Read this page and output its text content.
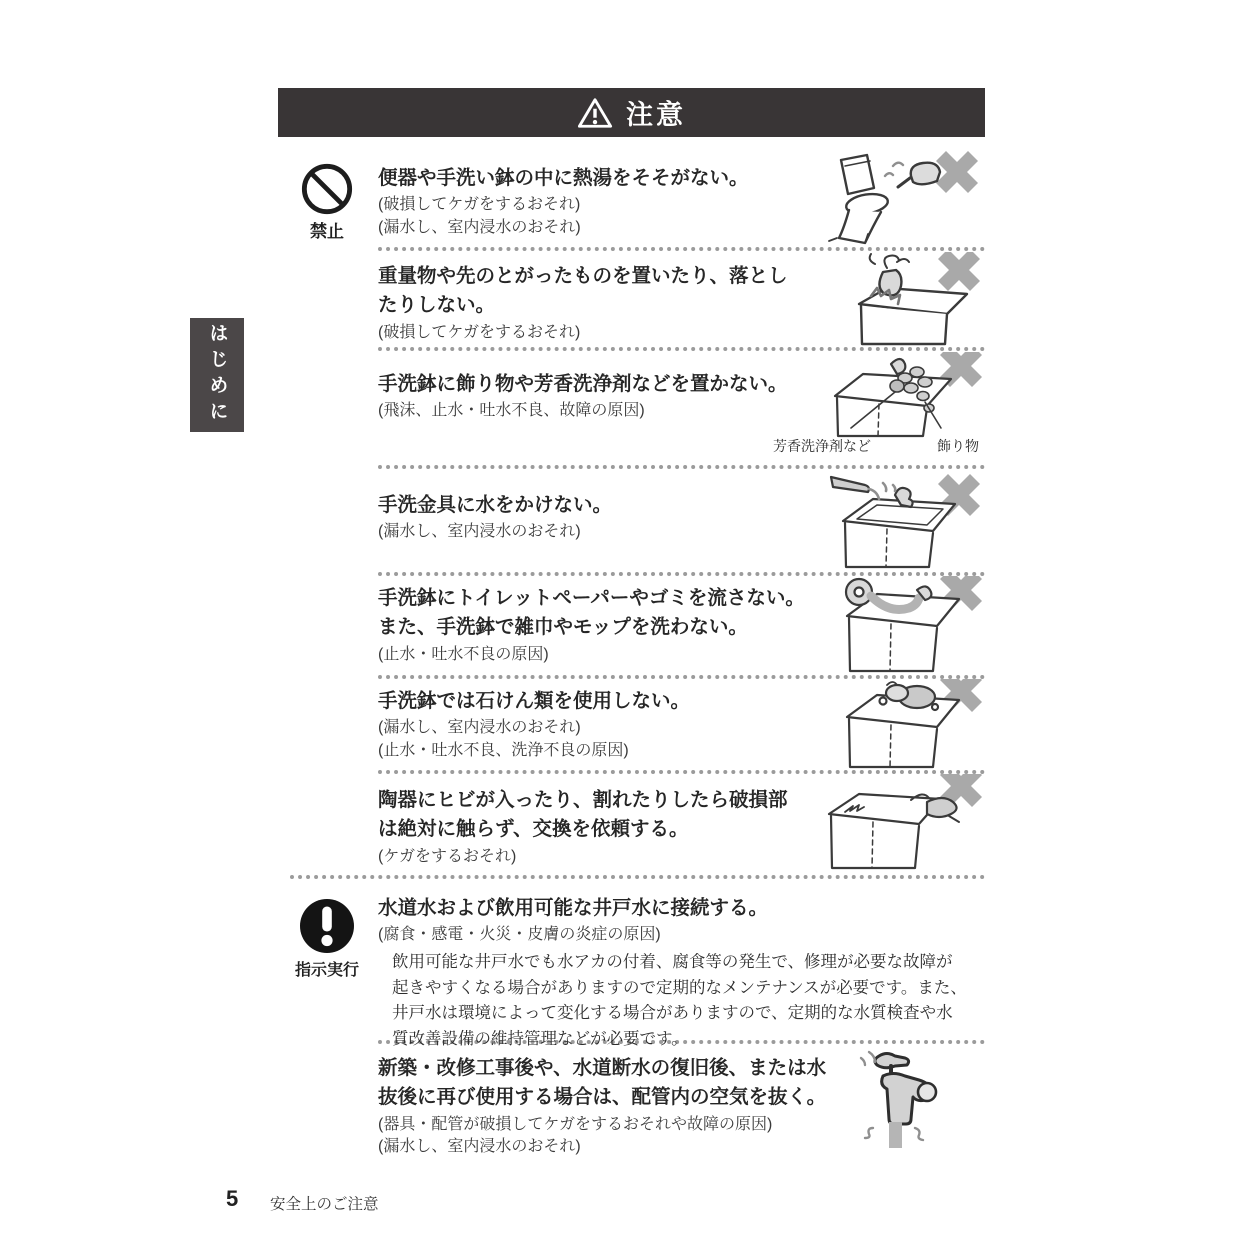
注意
はじめに
禁止
便器や手洗い鉢の中に熱湯をそそがない。
(破損してケガをするおそれ)
(漏水し、室内浸水のおそれ)
重量物や先のとがったものを置いたり、落とし
たりしない。
(破損してケガをするおそれ)
手洗鉢に飾り物や芳香洗浄剤などを置かない。
(飛沫、止水・吐水不良、故障の原因)
芳香洗浄剤など	飾り物
手洗金具に水をかけない。
(漏水し、室内浸水のおそれ)
手洗鉢にトイレットペーパーやゴミを流さない。
また、手洗鉢で雑巾やモップを洗わない。
(止水・吐水不良の原因)
手洗鉢では石けん類を使用しない。
(漏水し、室内浸水のおそれ)
(止水・吐水不良、洗浄不良の原因)
陶器にヒビが入ったり、割れたりしたら破損部
は絶対に触らず、交換を依頼する。
(ケガをするおそれ)
指示実行
水道水および飲用可能な井戸水に接続する。
(腐食・感電・火災・皮膚の炎症の原因)
飲用可能な井戸水でも水アカの付着、腐食等の発生で、修理が必要な故障が
起きやすくなる場合がありますので定期的なメンテナンスが必要です。また、
井戸水は環境によって変化する場合がありますので、定期的な水質検査や水
質改善設備の維持管理などが必要です。
新築・改修工事後や、水道断水の復旧後、または水
抜後に再び使用する場合は、配管内の空気を抜く。
(器具・配管が破損してケガをするおそれや故障の原因)
(漏水し、室内浸水のおそれ)
5 安全上のご注意
